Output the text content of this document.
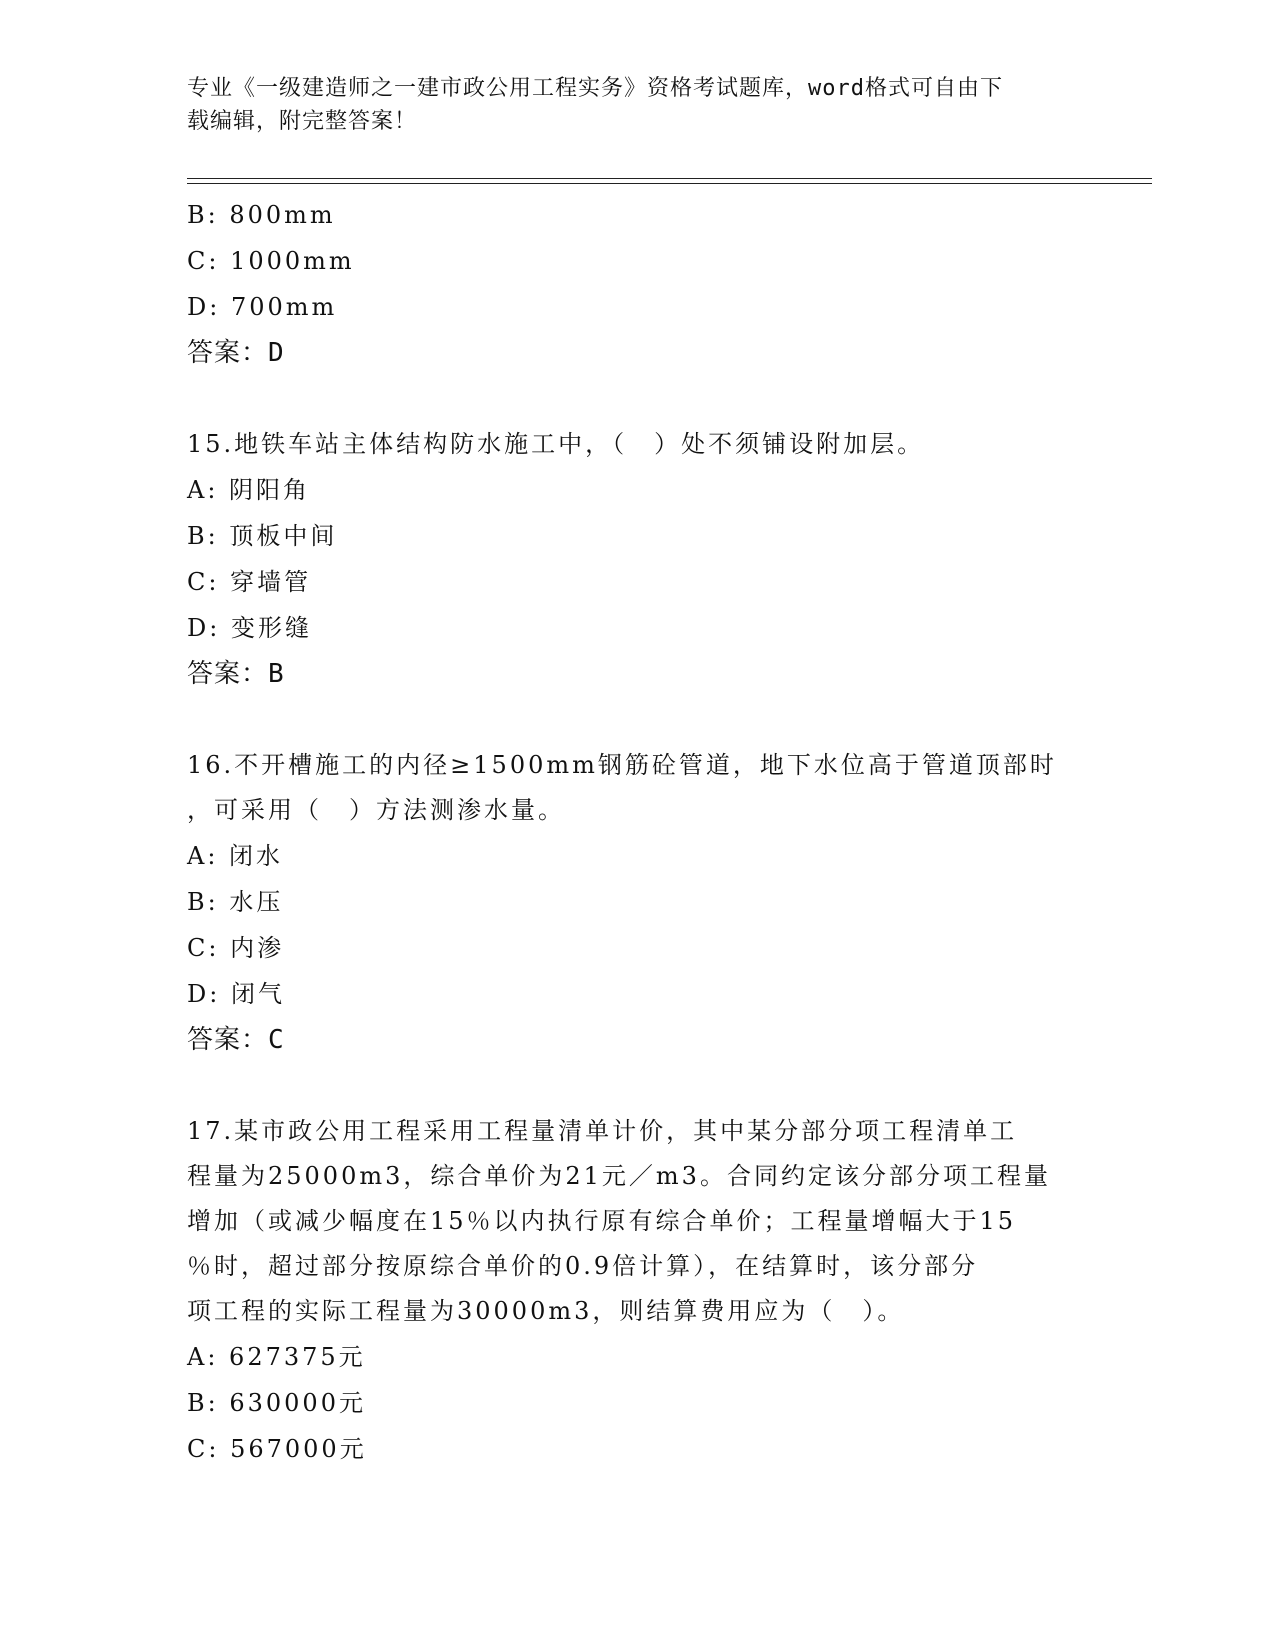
专业《一级建造师之一建市政公用工程实务》资格考试题库，word格式可自由下
载编辑，附完整答案！
B: 800mm
C: 1000mm
D: 700mm
答案：D
15.地铁车站主体结构防水施工中，（　）处不须铺设附加层。
A: 阴阳角
B: 顶板中间
C: 穿墙管
D: 变形缝
答案：B
16.不开槽施工的内径≥1500mm钢筋砼管道，地下水位高于管道顶部时
，可采用（　）方法测渗水量。
A: 闭水
B: 水压
C: 内渗
D: 闭气
答案：C
17.某市政公用工程采用工程量清单计价，其中某分部分项工程清单工
程量为25000m3，综合单价为21元／m3。合同约定该分部分项工程量
增加（或减少幅度在15％以内执行原有综合单价；工程量增幅大于15
％时，超过部分按原综合单价的0.9倍计算），在结算时，该分部分
项工程的实际工程量为30000m3，则结算费用应为（　）。
A: 627375元
B: 630000元
C: 567000元
